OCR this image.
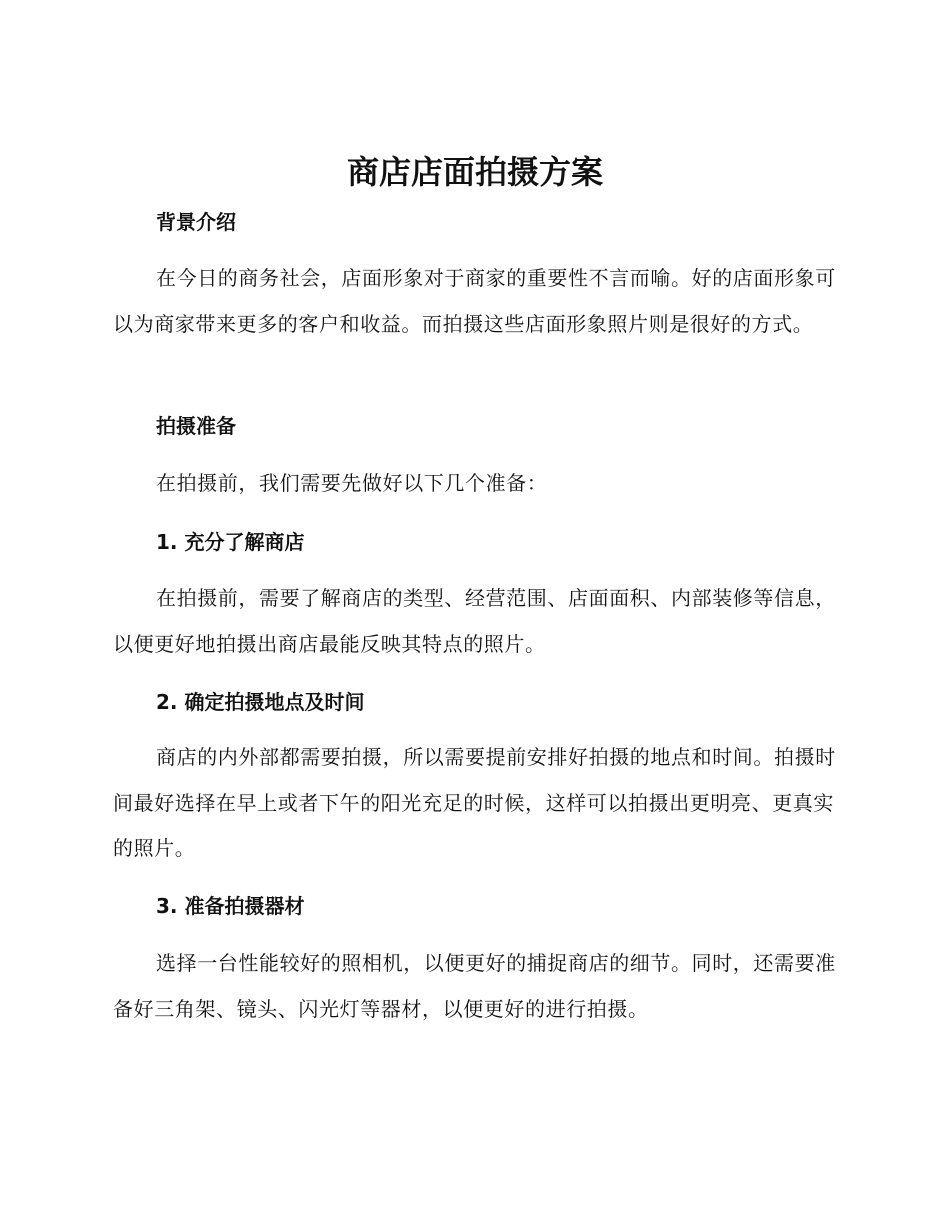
商店店面拍摄方案
背景介绍

在今日的商务社会，店面形象对于商家的重要性不言而喻。好的店面形象可以为商家带来更多的客户和收益。而拍摄这些店面形象照片则是很好的方式。

拍摄准备

在拍摄前，我们需要先做好以下几个准备：

1. 充分了解商店

在拍摄前，需要了解商店的类型、经营范围、店面面积、内部装修等信息，以便更好地拍摄出商店最能反映其特点的照片。

2. 确定拍摄地点及时间

商店的内外部都需要拍摄，所以需要提前安排好拍摄的地点和时间。拍摄时间最好选择在早上或者下午的阳光充足的时候，这样可以拍摄出更明亮、更真实的照片。

3. 准备拍摄器材

选择一台性能较好的照相机，以便更好的捕捉商店的细节。同时，还需要准备好三角架、镜头、闪光灯等器材，以便更好的进行拍摄。
